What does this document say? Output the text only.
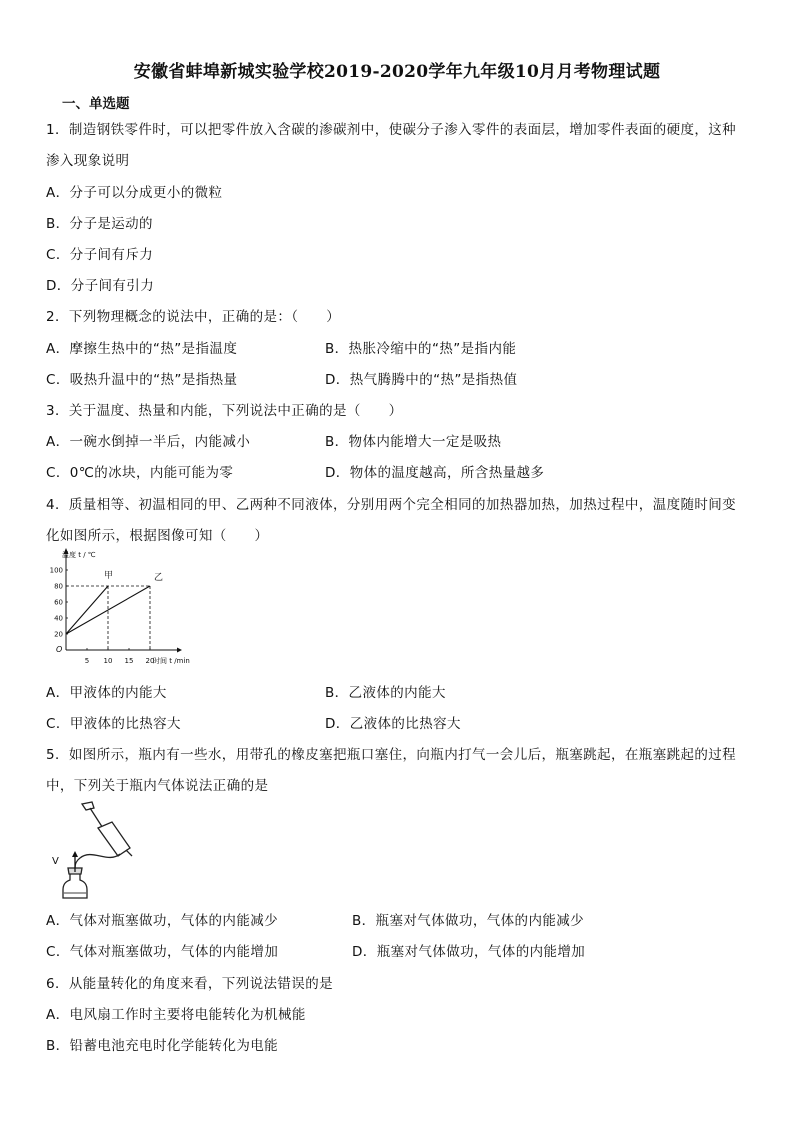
安徽省蚌埠新城实验学校2019-2020学年九年级10月月考物理试题
一、单选题
1．制造钢铁零件时，可以把零件放入含碳的渗碳剂中，使碳分子渗入零件的表面层，增加零件表面的硬度，这种
渗入现象说明
A．分子可以分成更小的微粒
B．分子是运动的
C．分子间有斥力
D．分子间有引力
2．下列物理概念的说法中，正确的是：（　　）
A．摩擦生热中的“热”是指温度	B．热胀冷缩中的“热”是指内能
C．吸热升温中的“热”是指热量	D．热气腾腾中的“热”是指热值
3．关于温度、热量和内能，下列说法中正确的是（　　）
A．一碗水倒掉一半后，内能减小	B．物体内能增大一定是吸热
C．0℃的冰块，内能可能为零	D．物体的温度越高，所含热量越多
4．质量相等、初温相同的甲、乙两种不同液体，分别用两个完全相同的加热器加热，加热过程中，温度随时间变
化如图所示，根据图像可知（　　）
温度 t / ℃
时间 t /min
O
5 10 15 20
20
40
60
80
100
甲	乙
A．甲液体的内能大	B．乙液体的内能大
C．甲液体的比热容大	D．乙液体的比热容大
5．如图所示，瓶内有一些水，用带孔的橡皮塞把瓶口塞住，向瓶内打气一会儿后，瓶塞跳起，在瓶塞跳起的过程
中，下列关于瓶内气体说法正确的是
V
A．气体对瓶塞做功，气体的内能减少	B．瓶塞对气体做功，气体的内能减少
C．气体对瓶塞做功，气体的内能增加	D．瓶塞对气体做功，气体的内能增加
6．从能量转化的角度来看，下列说法错误的是
A．电风扇工作时主要将电能转化为机械能
B．铅蓄电池充电时化学能转化为电能
